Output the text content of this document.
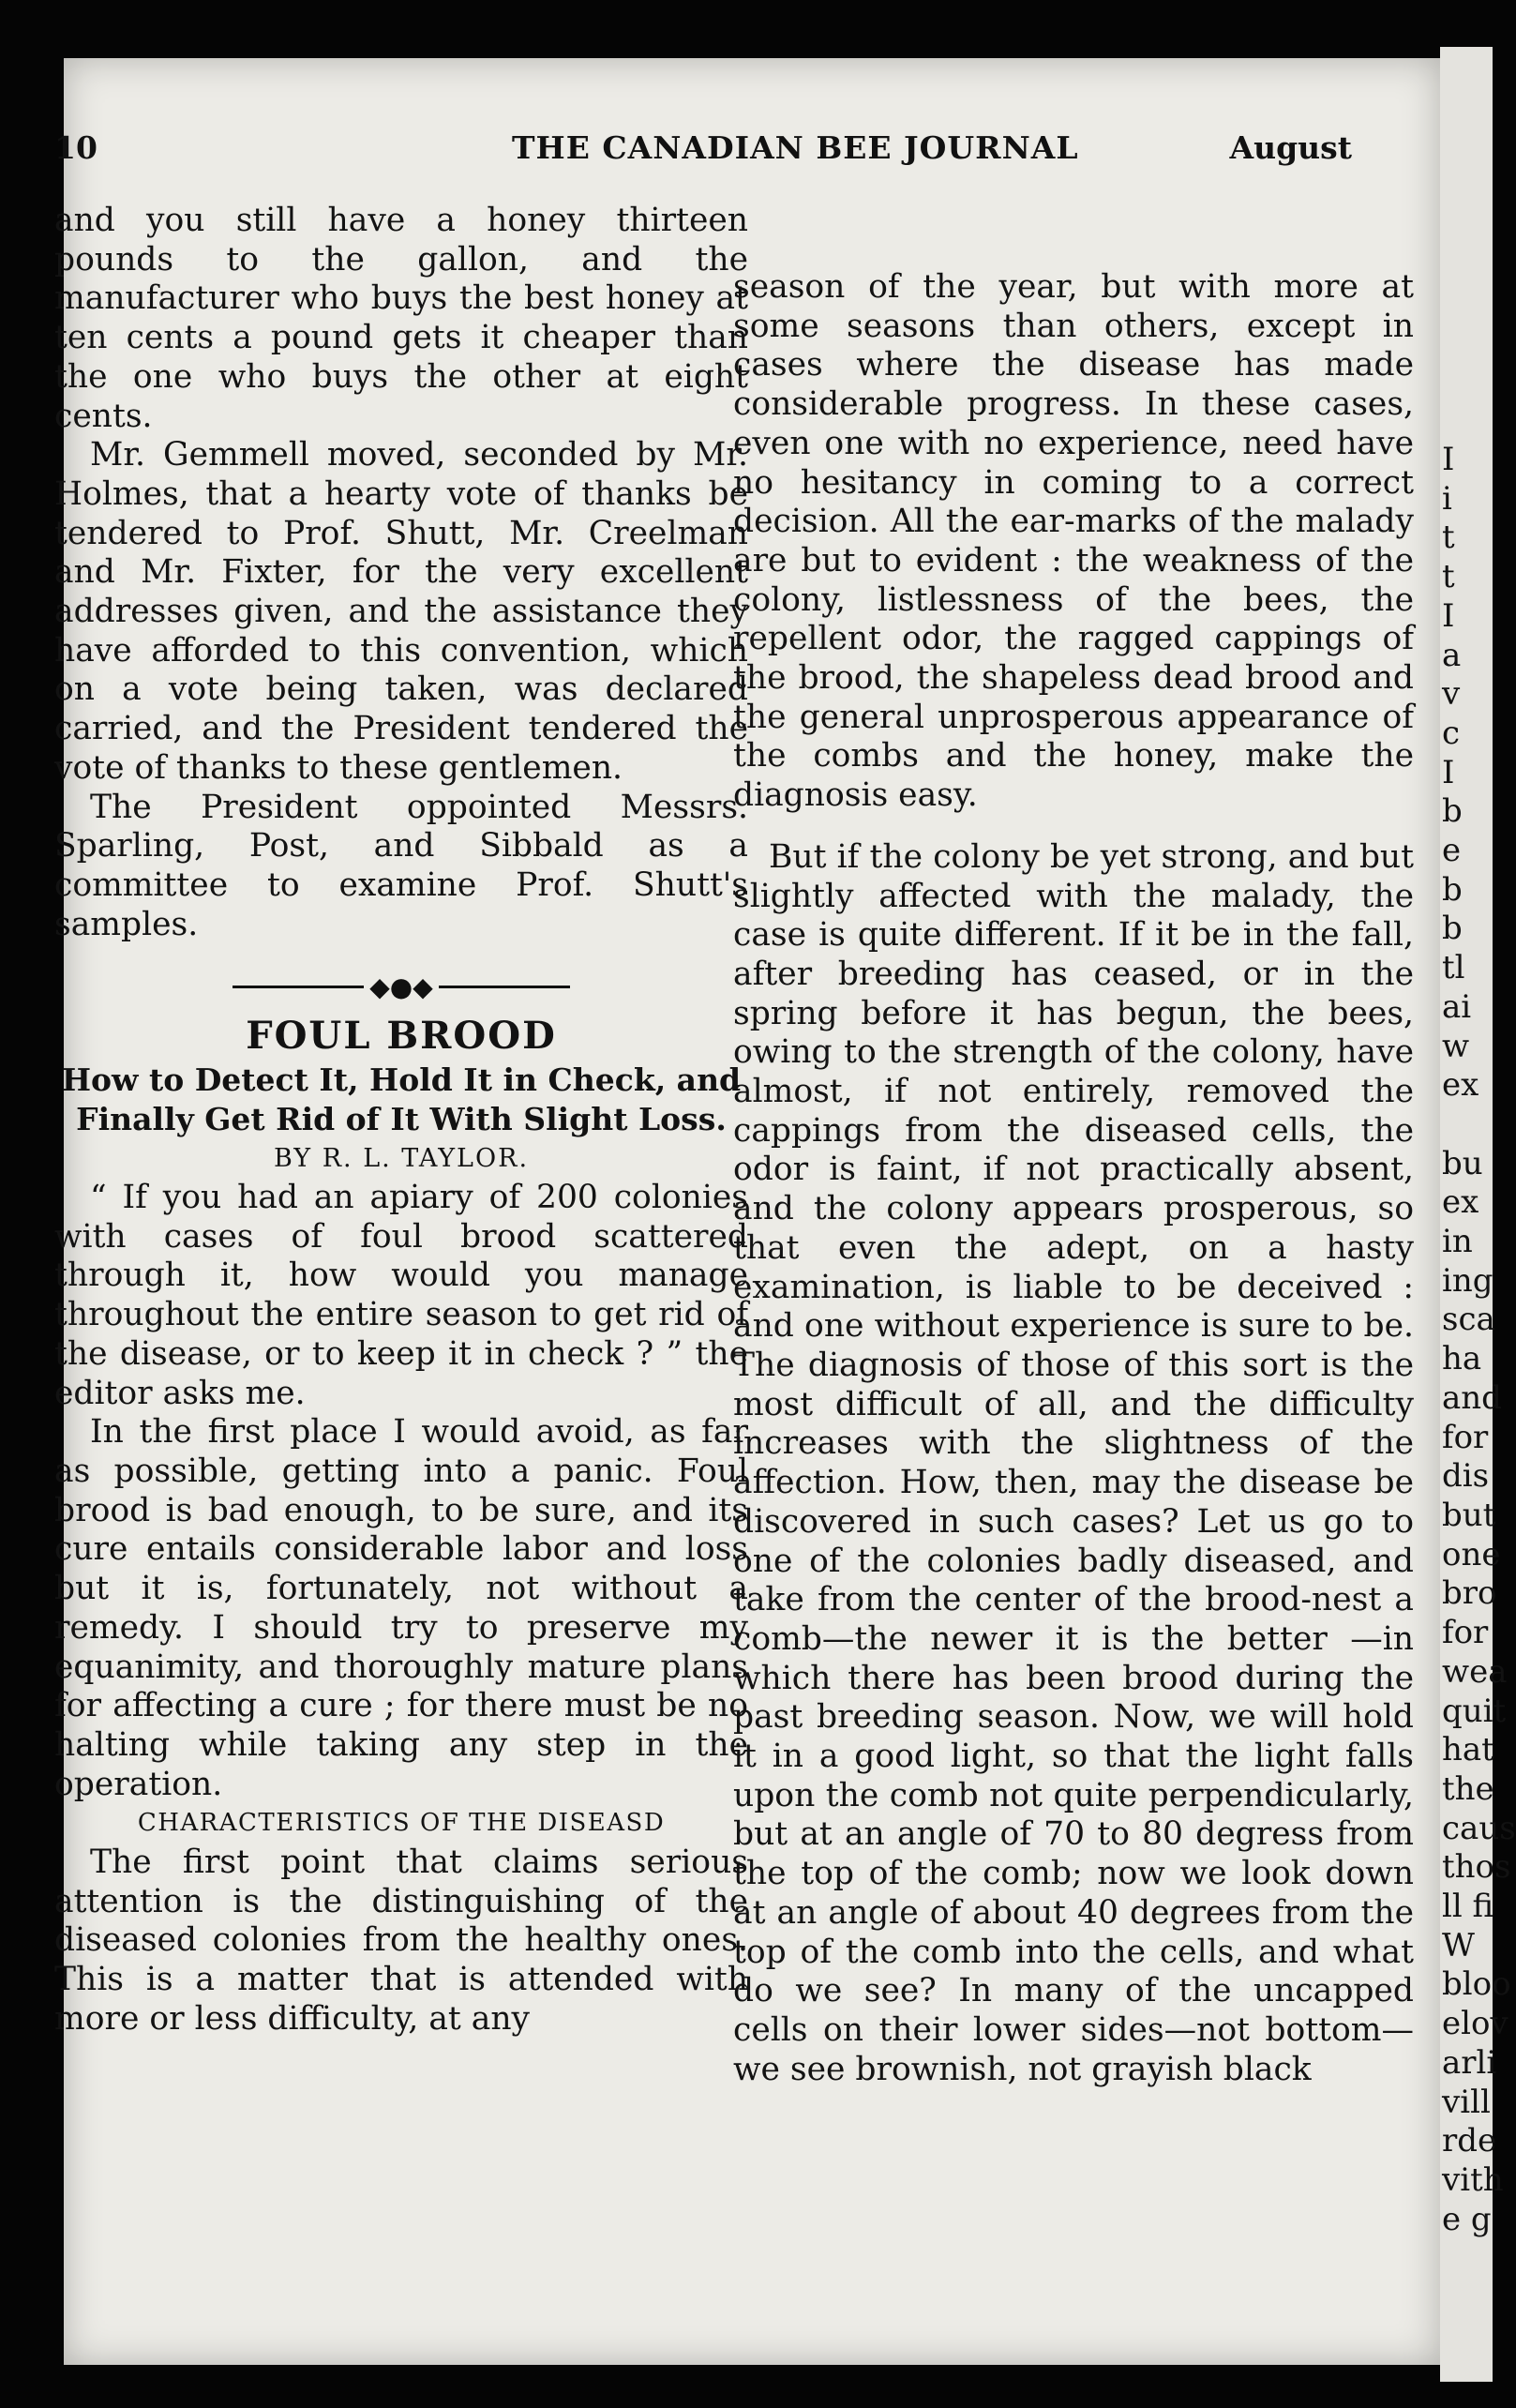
I
i
t
t
I
a
v
c
I
b
e
b
b
tl
ai
w
ex

bu
ex
in
ing
sca
ha
and
for
dis
but
one
bro
for
wea
quit
hat
the
caus
thos
ll fi
W
bloo
elov
arli
vill
rde
vith
e g
10	THE CANADIAN BEE JOURNAL	August

and you still have a honey thirteen pounds to the gallon, and the manufacturer who buys the best honey at ten cents a pound gets it cheaper than the one who buys the other at eight cents.

Mr. Gemmell moved, seconded by Mr. Holmes, that a hearty vote of thanks be tendered to Prof. Shutt, Mr. Creelman and Mr. Fixter, for the very excellent addresses given, and the assistance they have afforded to this convention, which on a vote being taken, was declared carried, and the President tendered the vote of thanks to these gentlemen.

The President oppointed Messrs. Sparling, Post, and Sibbald as a committee to examine Prof. Shutt's samples.

◆●◆

FOUL BROOD

How to Detect It, Hold It in Check, and Finally Get Rid of It With Slight Loss.

BY R. L. TAYLOR.

“ If you had an apiary of 200 colonies with cases of foul brood scattered through it, how would you manage throughout the entire season to get rid of the disease, or to keep it in check ? ” the editor asks me.

In the first place I would avoid, as far as possible, getting into a panic. Foul brood is bad enough, to be sure, and its cure entails considerable labor and loss but it is, fortunately, not without a remedy. I should try to preserve my equanimity, and thoroughly mature plans for affecting a cure ; for there must be no halting while taking any step in the operation.

CHARACTERISTICS OF THE DISEASD

The first point that claims serious attention is the distinguishing of the diseased colonies from the healthy ones. This is a matter that is attended with more or less difficulty, at any

season of the year, but with more at some seasons than others, except in cases where the disease has made considerable progress. In these cases, even one with no experience, need have no hesitancy in coming to a correct decision. All the ear-marks of the malady are but to evident : the weakness of the colony, listlessness of the bees, the repellent odor, the ragged cappings of the brood, the shapeless dead brood and the general unprosperous appearance of the combs and the honey, make the diagnosis easy.

But if the colony be yet strong, and but slightly affected with the malady, the case is quite different. If it be in the fall, after breeding has ceased, or in the spring before it has begun, the bees, owing to the strength of the colony, have almost, if not entirely, removed the cappings from the diseased cells, the odor is faint, if not practically absent, and the colony appears prosperous, so that even the adept, on a hasty examination, is liable to be deceived : and one without experience is sure to be. The diagnosis of those of this sort is the most difficult of all, and the difficulty increases with the slightness of the affection. How, then, may the disease be discovered in such cases? Let us go to one of the colonies badly diseased, and take from the center of the brood-nest a comb—the newer it is the better —in which there has been brood during the past breeding season. Now, we will hold it in a good light, so that the light falls upon the comb not quite perpendicularly, but at an angle of 70 to 80 degress from the top of the comb; now we look down at an angle of about 40 degrees from the top of the comb into the cells, and what do we see? In many of the uncapped cells on their lower sides—not bottom—we see brownish, not grayish black
